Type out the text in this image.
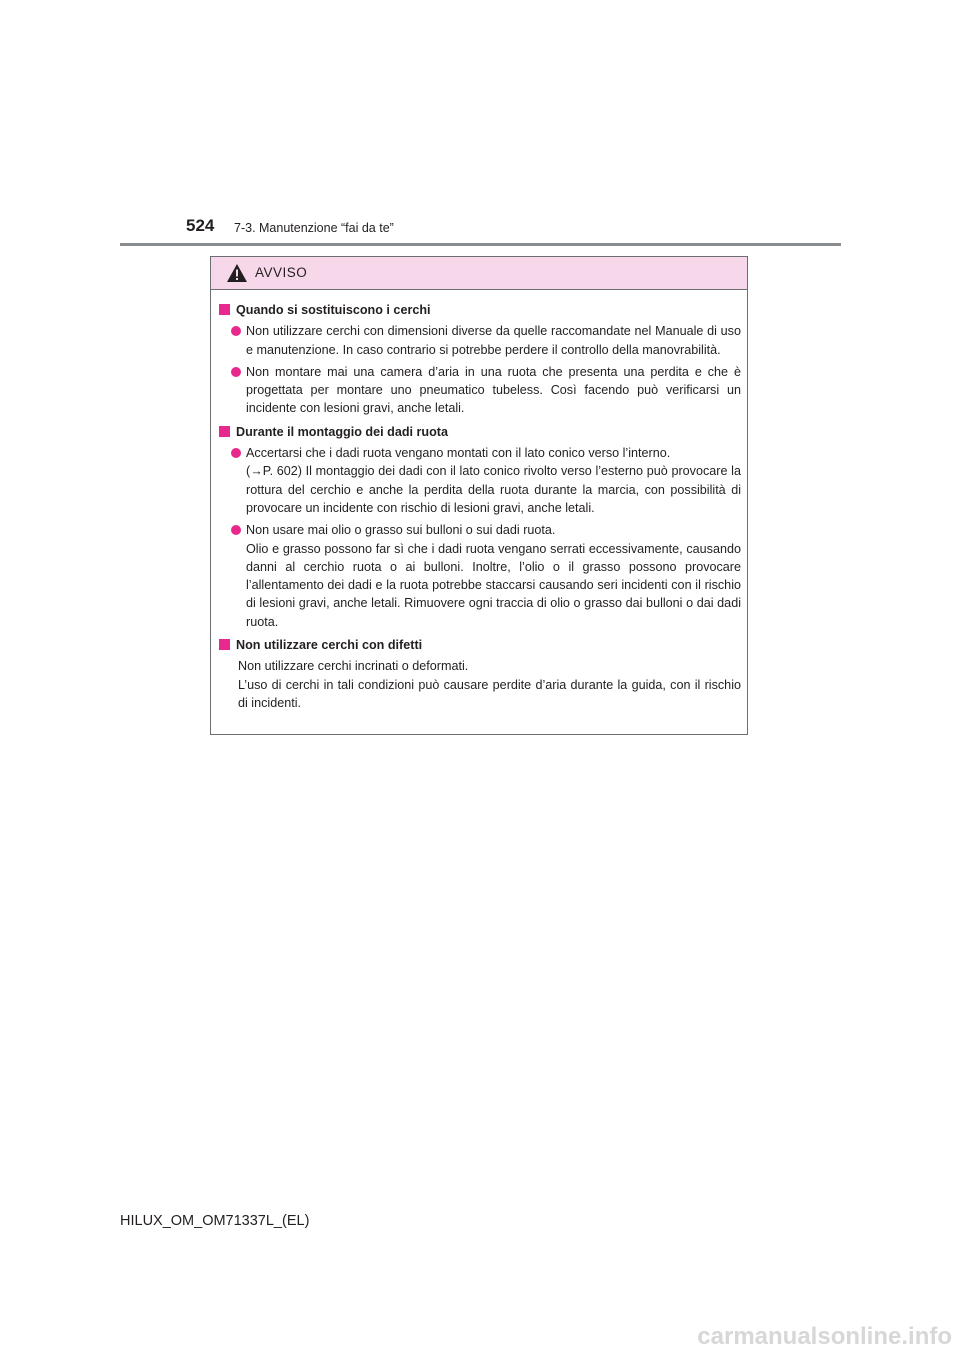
524 7-3. Manutenzione “fai da te”
AVVISO
Quando si sostituiscono i cerchi
Non utilizzare cerchi con dimensioni diverse da quelle raccomandate nel Manuale di uso e manutenzione. In caso contrario si potrebbe perdere il controllo della manovrabilità.
Non montare mai una camera d’aria in una ruota che presenta una perdita e che è progettata per montare uno pneumatico tubeless. Così facendo può verificarsi un incidente con lesioni gravi, anche letali.
Durante il montaggio dei dadi ruota
Accertarsi che i dadi ruota vengano montati con il lato conico verso l’interno.
(→P. 602) Il montaggio dei dadi con il lato conico rivolto verso l’esterno può provocare la rottura del cerchio e anche la perdita della ruota durante la marcia, con possibilità di provocare un incidente con rischio di lesioni gravi, anche letali.
Non usare mai olio o grasso sui bulloni o sui dadi ruota.
Olio e grasso possono far sì che i dadi ruota vengano serrati eccessivamente, causando danni al cerchio ruota o ai bulloni. Inoltre, l’olio o il grasso possono provocare l’allentamento dei dadi e la ruota potrebbe staccarsi causando seri incidenti con il rischio di lesioni gravi, anche letali. Rimuovere ogni traccia di olio o grasso dai bulloni o dai dadi ruota.
Non utilizzare cerchi con difetti
Non utilizzare cerchi incrinati o deformati.
L’uso di cerchi in tali condizioni può causare perdite d’aria durante la guida, con il rischio di incidenti.
HILUX_OM_OM71337L_(EL)
carmanualsonline.info
